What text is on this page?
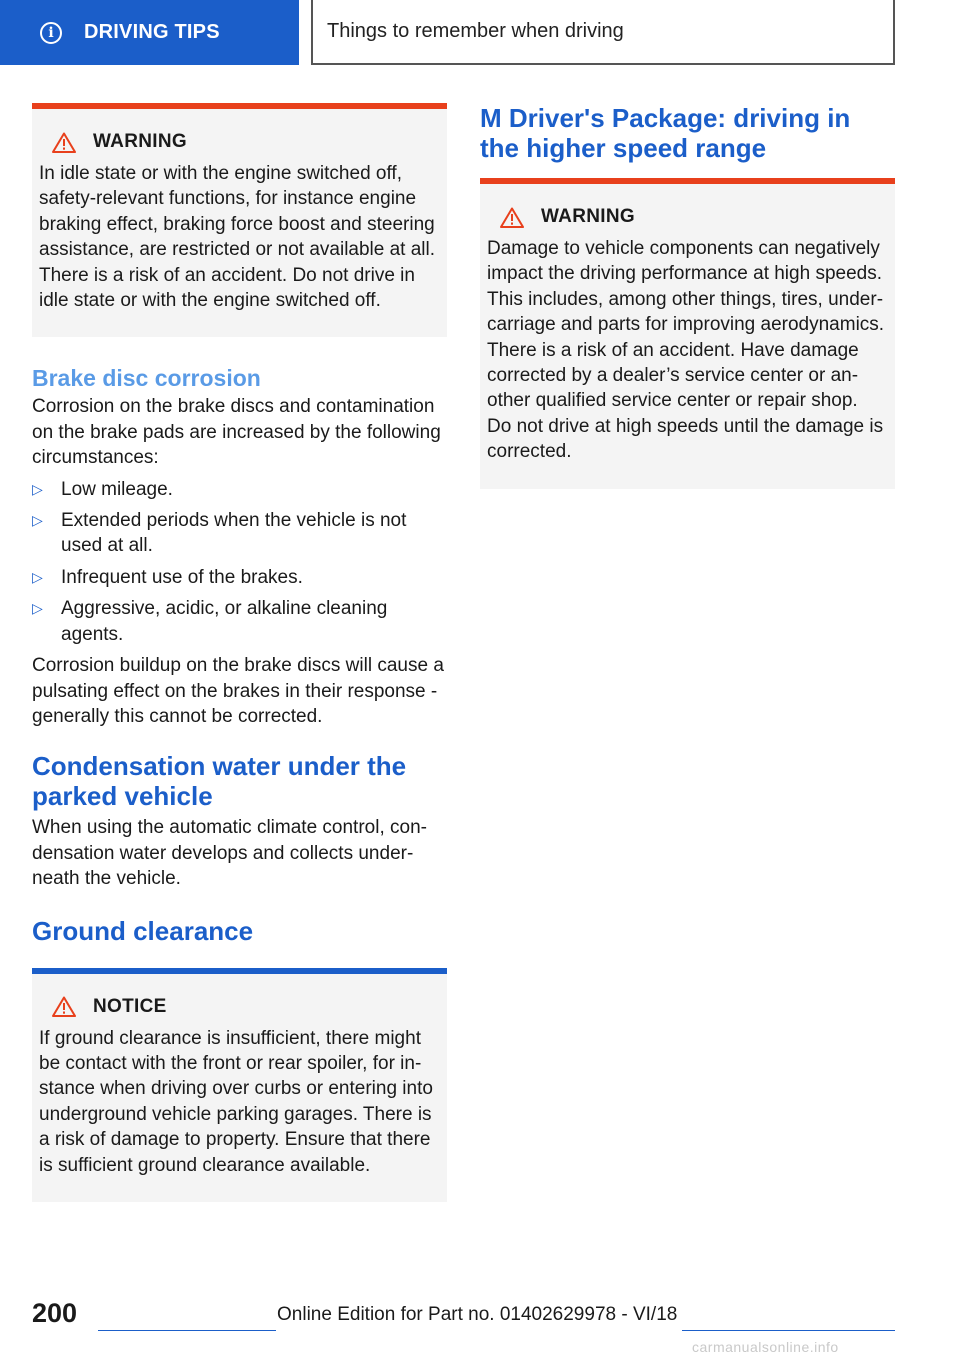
i	DRIVING TIPS	Things to remember when driving
WARNING
In idle state or with the engine switched off, safety-relevant functions, for instance engine braking effect, braking force boost and steering assistance, are restricted or not available at all. There is a risk of an accident. Do not drive in idle state or with the engine switched off.
Brake disc corrosion

Corrosion on the brake discs and contamination on the brake pads are increased by the following circumstances:

▷ Low mileage.
▷ Extended periods when the vehicle is not used at all.
▷ Infrequent use of the brakes.
▷ Aggressive, acidic, or alkaline cleaning agents.

Corrosion buildup on the brake discs will cause a pulsating effect on the brakes in their response - generally this cannot be corrected.

Condensation water under the parked vehicle

When using the automatic climate control, con‐densation water develops and collects under‐neath the vehicle.

Ground clearance
NOTICE
If ground clearance is insufficient, there might be contact with the front or rear spoiler, for in‐stance when driving over curbs or entering into underground vehicle parking garages. There is a risk of damage to property. Ensure that there is sufficient ground clearance available.
M Driver's Package: driving in the higher speed range
WARNING
Damage to vehicle components can negatively impact the driving performance at high speeds. This includes, among other things, tires, under‐carriage and parts for improving aerodynamics. There is a risk of an accident. Have damage corrected by a dealer’s service center or an‐other qualified service center or repair shop. Do not drive at high speeds until the damage is corrected.
200	Online Edition for Part no. 01402629978 - VI/18
carmanualsonline.info
